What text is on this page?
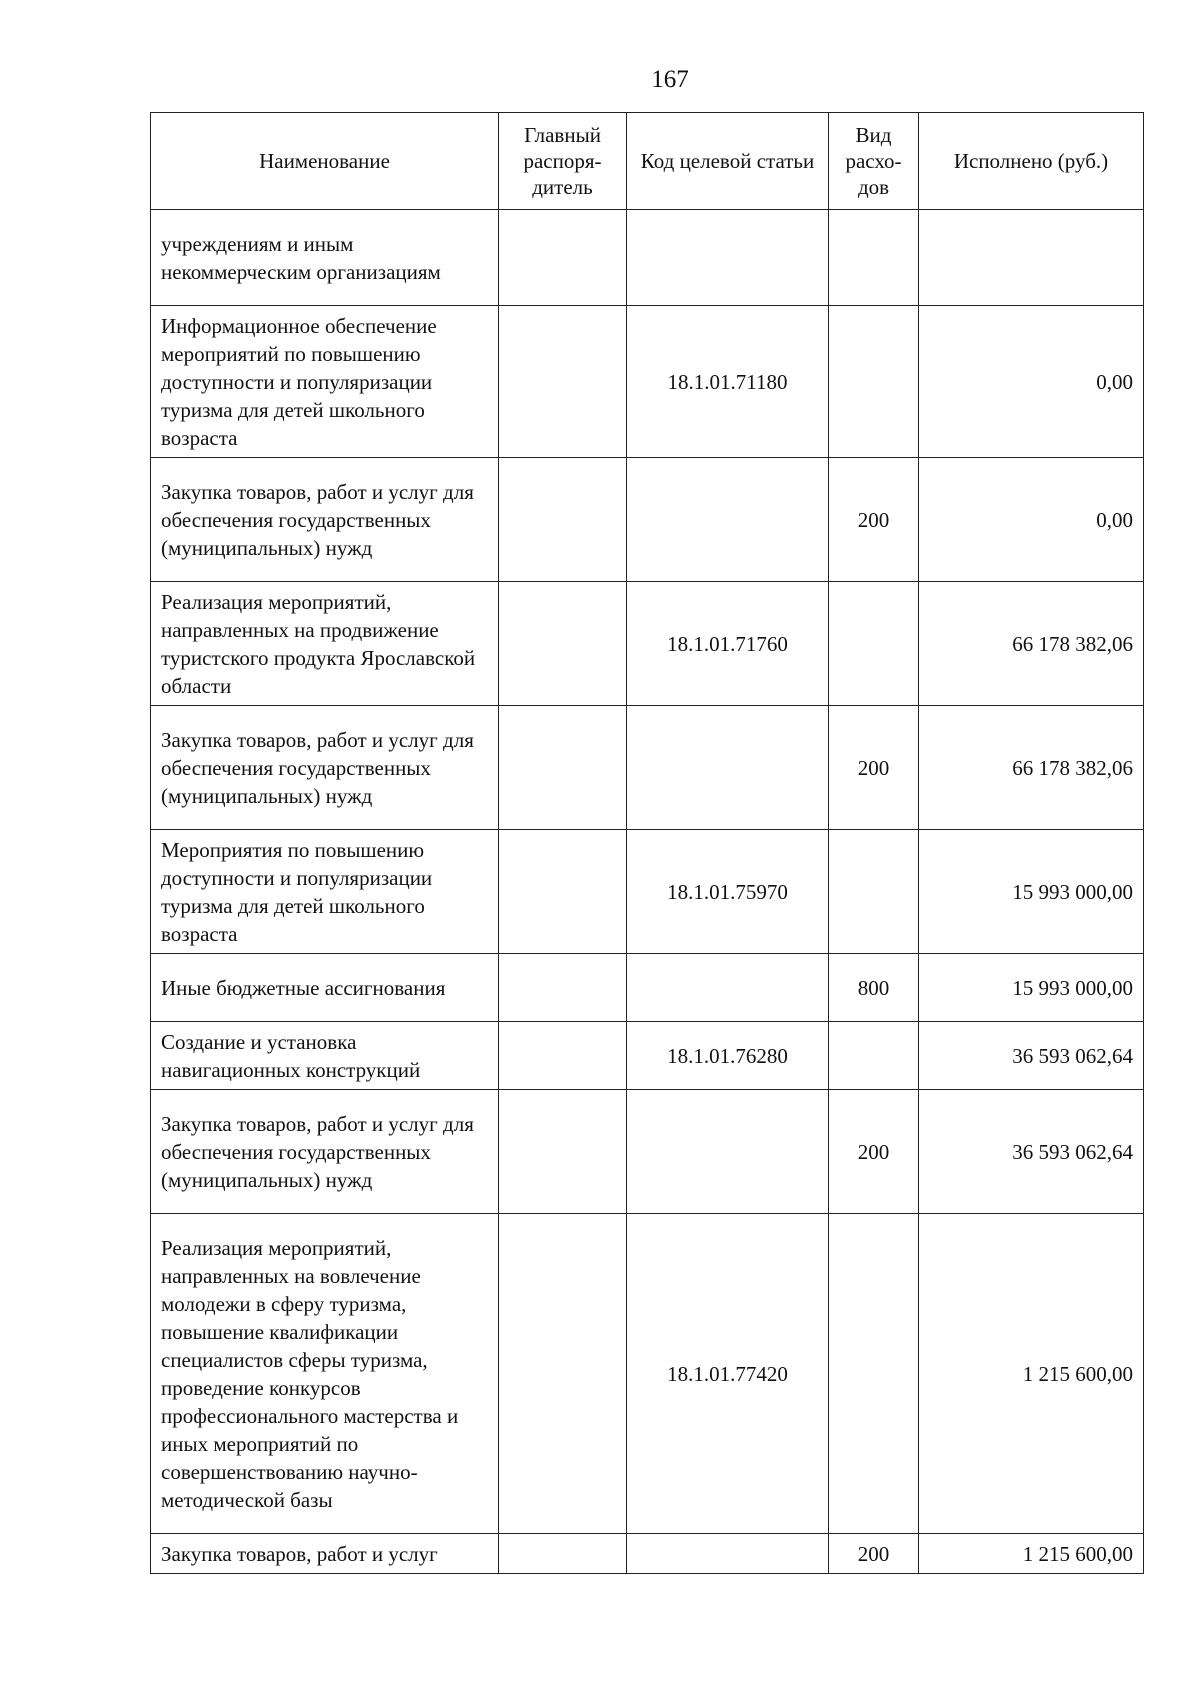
167
Наименование	Главный распоря-дитель	Код целевой статьи	Вид расхо-дов	Исполнено (руб.)
учреждениям и иным некоммерческим организациям				
Информационное обеспечение мероприятий по повышению доступности и популяризации туризма для детей школьного возраста		18.1.01.71180		0,00
Закупка товаров, работ и услуг для обеспечения государственных (муниципальных) нужд			200	0,00
Реализация мероприятий, направленных на продвижение туристского продукта Ярославской области		18.1.01.71760		66 178 382,06
Закупка товаров, работ и услуг для обеспечения государственных (муниципальных) нужд			200	66 178 382,06
Мероприятия по повышению доступности и популяризации туризма для детей школьного возраста		18.1.01.75970		15 993 000,00
Иные бюджетные ассигнования			800	15 993 000,00
Создание и установка навигационных конструкций		18.1.01.76280		36 593 062,64
Закупка товаров, работ и услуг для обеспечения государственных (муниципальных) нужд			200	36 593 062,64
Реализация мероприятий, направленных на вовлечение молодежи в сферу туризма, повышение квалификации специалистов сферы туризма, проведение конкурсов профессионального мастерства и иных мероприятий по совершенствованию научно-методической базы		18.1.01.77420		1 215 600,00
Закупка товаров, работ и услуг			200	1 215 600,00
